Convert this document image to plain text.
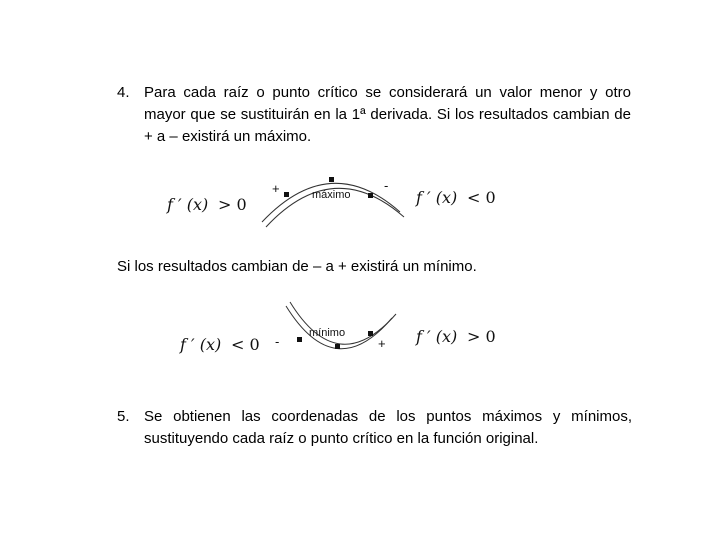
4. Para cada raíz o punto crítico se considerará un valor menor y otro mayor que se sustituirán en la 1ª derivada. Si los resultados cambian de + a – existirá un máximo.
f ′ (x) > 0
+	máximo
-
f ′ (x) < 0
f ′ (x) < 0 -
mínimo
+ f ′ (x) > 0
Si los resultados cambian de – a + existirá un mínimo.
5. Se obtienen las coordenadas de los puntos máximos y mínimos, sustituyendo cada raíz o punto crítico en la función original.
